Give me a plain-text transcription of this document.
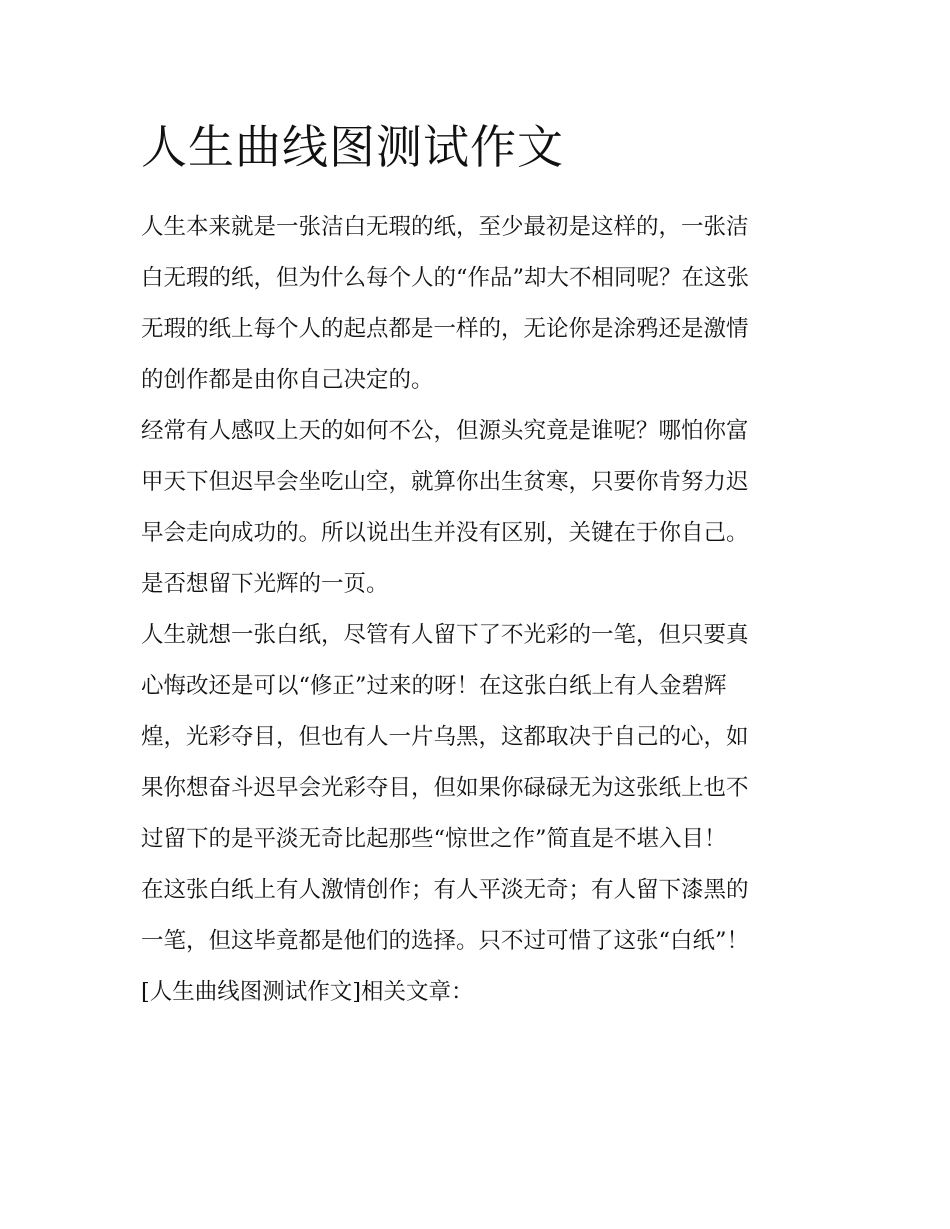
人生曲线图测试作文
人生本来就是一张洁白无瑕的纸，至少最初是这样的，一张洁
白无瑕的纸，但为什么每个人的“作品”却大不相同呢？在这张
无瑕的纸上每个人的起点都是一样的，无论你是涂鸦还是激情
的创作都是由你自己决定的。
经常有人感叹上天的如何不公，但源头究竟是谁呢？哪怕你富
甲天下但迟早会坐吃山空，就算你出生贫寒，只要你肯努力迟
早会走向成功的。所以说出生并没有区别，关键在于你自己。
是否想留下光辉的一页。
人生就想一张白纸，尽管有人留下了不光彩的一笔，但只要真
心悔改还是可以“修正”过来的呀！在这张白纸上有人金碧辉
煌，光彩夺目，但也有人一片乌黑，这都取决于自己的心，如
果你想奋斗迟早会光彩夺目，但如果你碌碌无为这张纸上也不
过留下的是平淡无奇比起那些“惊世之作”简直是不堪入目！
在这张白纸上有人激情创作；有人平淡无奇；有人留下漆黑的
一笔，但这毕竟都是他们的选择。只不过可惜了这张“白纸”！
[人生曲线图测试作文]相关文章：
